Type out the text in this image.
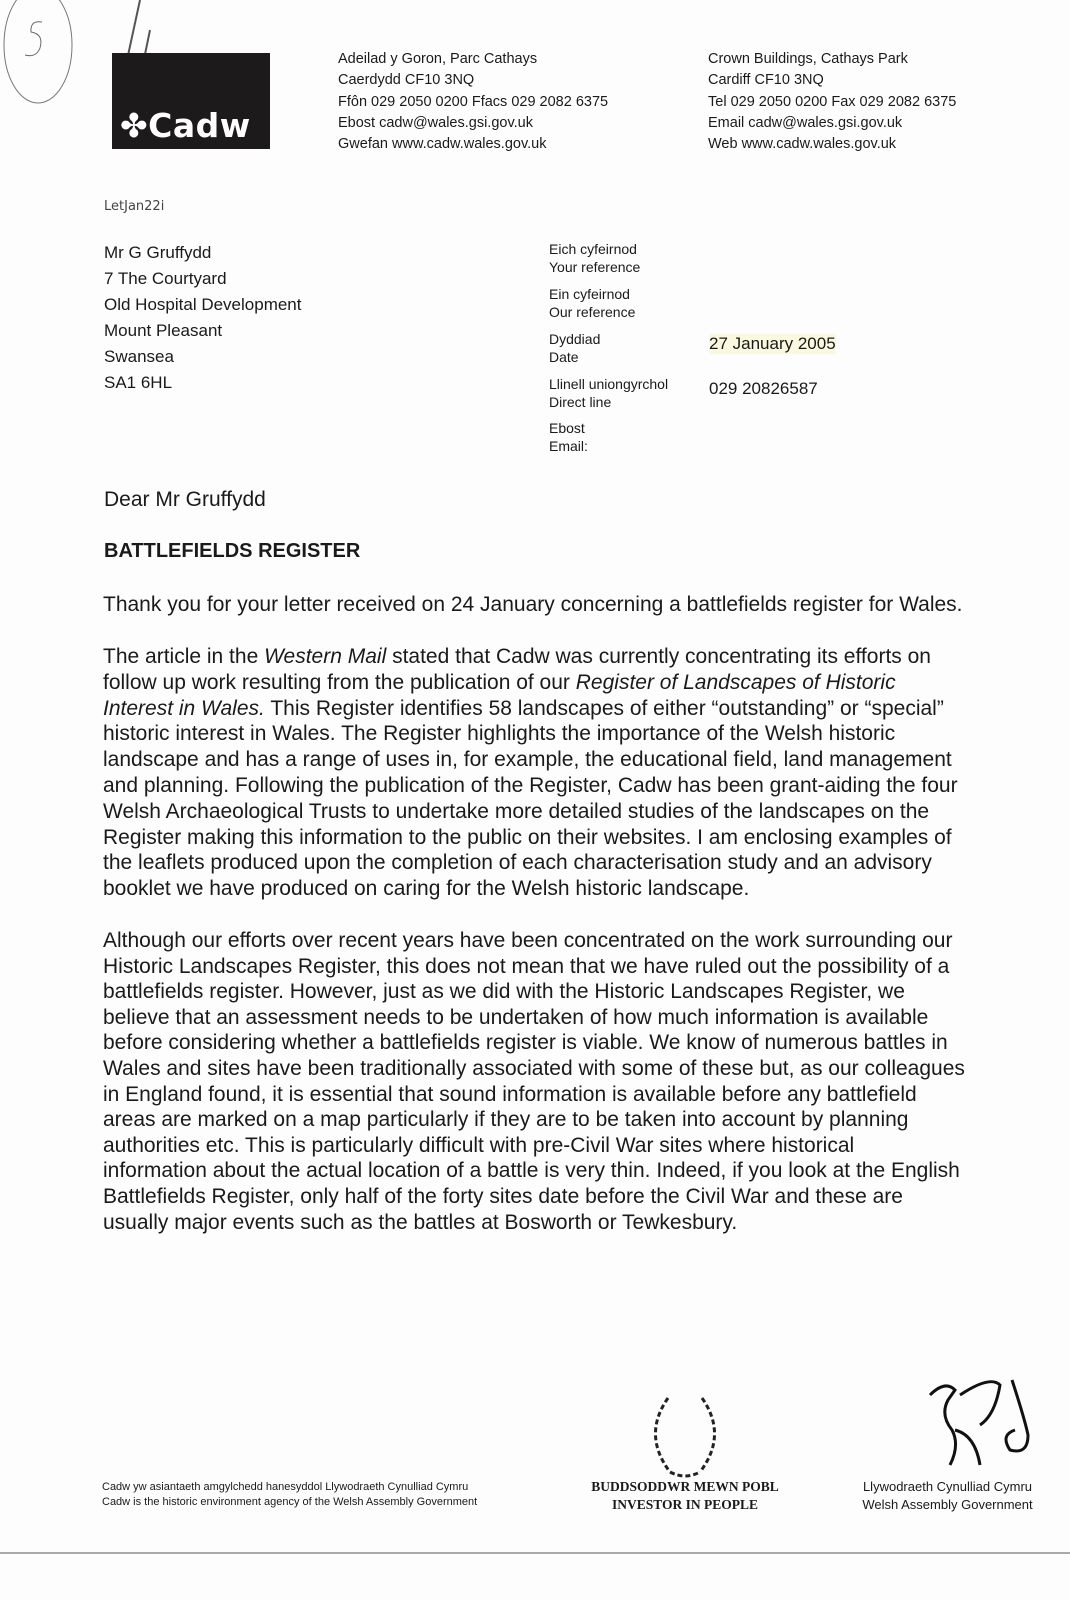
✤Cadw
Adeilad y Goron, Parc Cathays
Caerdydd CF10 3NQ
Ffôn 029 2050 0200 Ffacs 029 2082 6375
Ebost cadw@wales.gsi.gov.uk
Gwefan www.cadw.wales.gov.uk
Crown Buildings, Cathays Park
Cardiff CF10 3NQ
Tel 029 2050 0200 Fax 029 2082 6375
Email cadw@wales.gsi.gov.uk
Web www.cadw.wales.gov.uk
LetJan22i
Mr G Gruffydd
7 The Courtyard
Old Hospital Development
Mount Pleasant
Swansea
SA1 6HL
Eich cyfeirnod
Your reference
Ein cyfeirnod
Our reference
Dyddiad
Date
27 January 2005
Llinell uniongyrchol
Direct line
029 20826587
Ebost
Email:
Dear Mr Gruffydd
BATTLEFIELDS REGISTER
Thank you for your letter received on 24 January concerning a battlefields register for Wales.
The article in the Western Mail stated that Cadw was currently concentrating its efforts on
follow up work resulting from the publication of our Register of Landscapes of Historic
Interest in Wales. This Register identifies 58 landscapes of either “outstanding” or “special”
historic interest in Wales. The Register highlights the importance of the Welsh historic
landscape and has a range of uses in, for example, the educational field, land management
and planning. Following the publication of the Register, Cadw has been grant-aiding the four
Welsh Archaeological Trusts to undertake more detailed studies of the landscapes on the
Register making this information to the public on their websites. I am enclosing examples of
the leaflets produced upon the completion of each characterisation study and an advisory
booklet we have produced on caring for the Welsh historic landscape.
Although our efforts over recent years have been concentrated on the work surrounding our
Historic Landscapes Register, this does not mean that we have ruled out the possibility of a
battlefields register. However, just as we did with the Historic Landscapes Register, we
believe that an assessment needs to be undertaken of how much information is available
before considering whether a battlefields register is viable. We know of numerous battles in
Wales and sites have been traditionally associated with some of these but, as our colleagues
in England found, it is essential that sound information is available before any battlefield
areas are marked on a map particularly if they are to be taken into account by planning
authorities etc. This is particularly difficult with pre-Civil War sites where historical
information about the actual location of a battle is very thin. Indeed, if you look at the English
Battlefields Register, only half of the forty sites date before the Civil War and these are
usually major events such as the battles at Bosworth or Tewkesbury.
Cadw yw asiantaeth amgylchedd hanesyddol Llywodraeth Cynulliad Cymru
Cadw is the historic environment agency of the Welsh Assembly Government
BUDDSODDWR MEWN POBL
INVESTOR IN PEOPLE
Llywodraeth Cynulliad Cymru
Welsh Assembly Government
